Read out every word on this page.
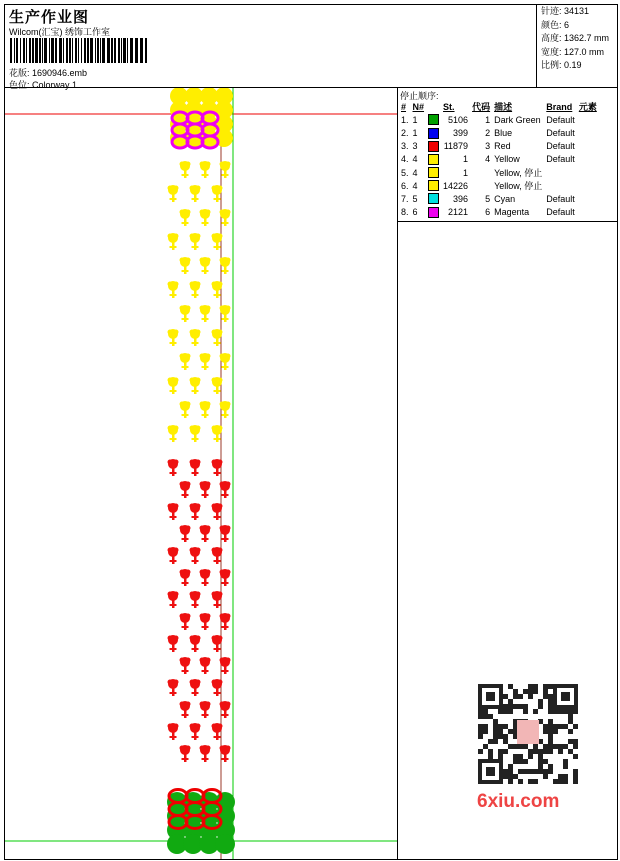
生产作业图
Wilcom(汇宝) 绣饰工作室
花版: 1690946.emb
色位: Colorway 1
针迹: 34131
颜色: 6
高度: 1362.7 mm
宽度: 127.0 mm
比例: 0.19
停止顺序:
#	N#		St.	代码	描述	Brand	元素
1.	1		5106	1	Dark Green	Default	
2.	1		399	2	Blue	Default	
3.	3		11879	3	Red	Default	
4.	4		1	4	Yellow	Default	
5.	4		1		Yellow, 停止		
6.	4		14226		Yellow, 停止		
7.	5		396	5	Cyan	Default	
8.	6		2121	6	Magenta	Default	
6xiu.com
